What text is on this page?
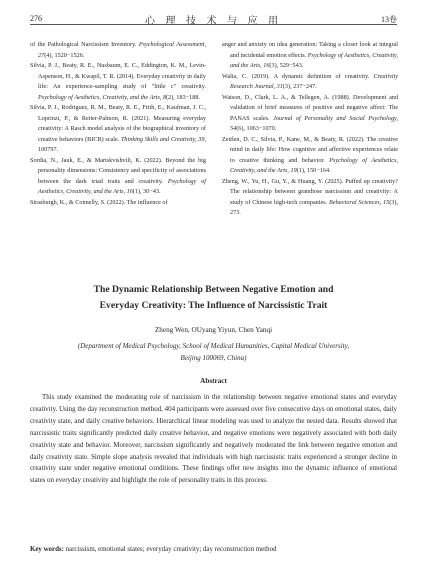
276	心 理 技 术 与 应 用	13卷
of the Pathological Narcissism Inventory. Psychological Assessment, 27(4), 1520−1526.
Silvia, P. J., Beaty, R. E., Nusbaum, E. C., Eddington, K. M., Levin-Aspenson, H., & Kwapil, T. R. (2014). Everyday creativity in daily life: An experience-sampling study of "little c" creativity. Psychology of Aesthetics, Creativity, and the Arts, 8(2), 183−188.
Silvia, P. J., Rodriguez, R. M., Beaty, R. E., Frith, E., Kaufman, J. C., Loprinzi, P., & Reiter-Palmon, R. (2021). Measuring everyday creativity: A Rasch model analysis of the biographical inventory of creative behaviors (BICB) scale. Thinking Skills and Creativity, 39, 100797.
Sordia, N., Jauk, E., & Martskvishvili, K. (2022). Beyond the big personality dimensions: Consistency and specificity of associations between the dark triad traits and creativity. Psychology of Aesthetics, Creativity, and the Arts, 16(1), 30−43.
Strasburgh, K., & Connelly, S. (2022). The influence of
anger and anxiety on idea generation: Taking a closer look at integral and incidental emotion effects. Psychology of Aesthetics, Creativity, and the Arts, 16(3), 529−543.
Walia, C. (2019). A dynamic definition of creativity. Creativity Research Journal, 31(3), 237−247.
Watson, D., Clark, L. A., & Tellegen, A. (1988). Development and validation of brief measures of positive and negative affect: The PANAS scales. Journal of Personality and Social Psychology, 54(6), 1063−1070.
Zeitlen, D. C., Silvia, P., Kane, M., & Beaty, R. (2022). The creative mind in daily life: How cognitive and affective experiences relate to creative thinking and behavior. Psychology of Aesthetics, Creativity, and the Arts, 19(1), 150−164.
Zheng, W., Yu, H., Gu, Y., & Huang, Y. (2025). Puffed up creativity? The relationship between grandiose narcissism and creativity: A study of Chinese high-tech companies. Behavioral Sciences, 15(3), 273.
The Dynamic Relationship Between Negative Emotion and
Everyday Creativity: The Influence of Narcissistic Trait
Zheng Wen, OUyang Yiyun, Chen Yanqi
(Department of Medical Psychology, School of Medical Humanities, Capital Medical University,
Beijing 100069, China)
Abstract
This study examined the moderating role of narcissism in the relationship between negative emotional states and everyday creativity. Using the day reconstruction method, 404 participants were assessed over five consecutive days on emotional states, daily creativity state, and daily creative behaviors. Hierarchical linear modeling was used to analyze the nested data. Results showed that narcissistic traits significantly predicted daily creative behavior, and negative emotions were negatively associated with both daily creativity state and behavior. Moreover, narcissism significantly and negatively moderated the link between negative emotion and daily creativity state. Simple slope analysis revealed that individuals with high narcissistic traits experienced a stronger decline in creativity state under negative emotional conditions. These findings offer new insights into the dynamic influence of emotional states on everyday creativity and highlight the role of personality traits in this process.
Key words: narcissism, emotional states; everyday creativity; day reconstruction method
